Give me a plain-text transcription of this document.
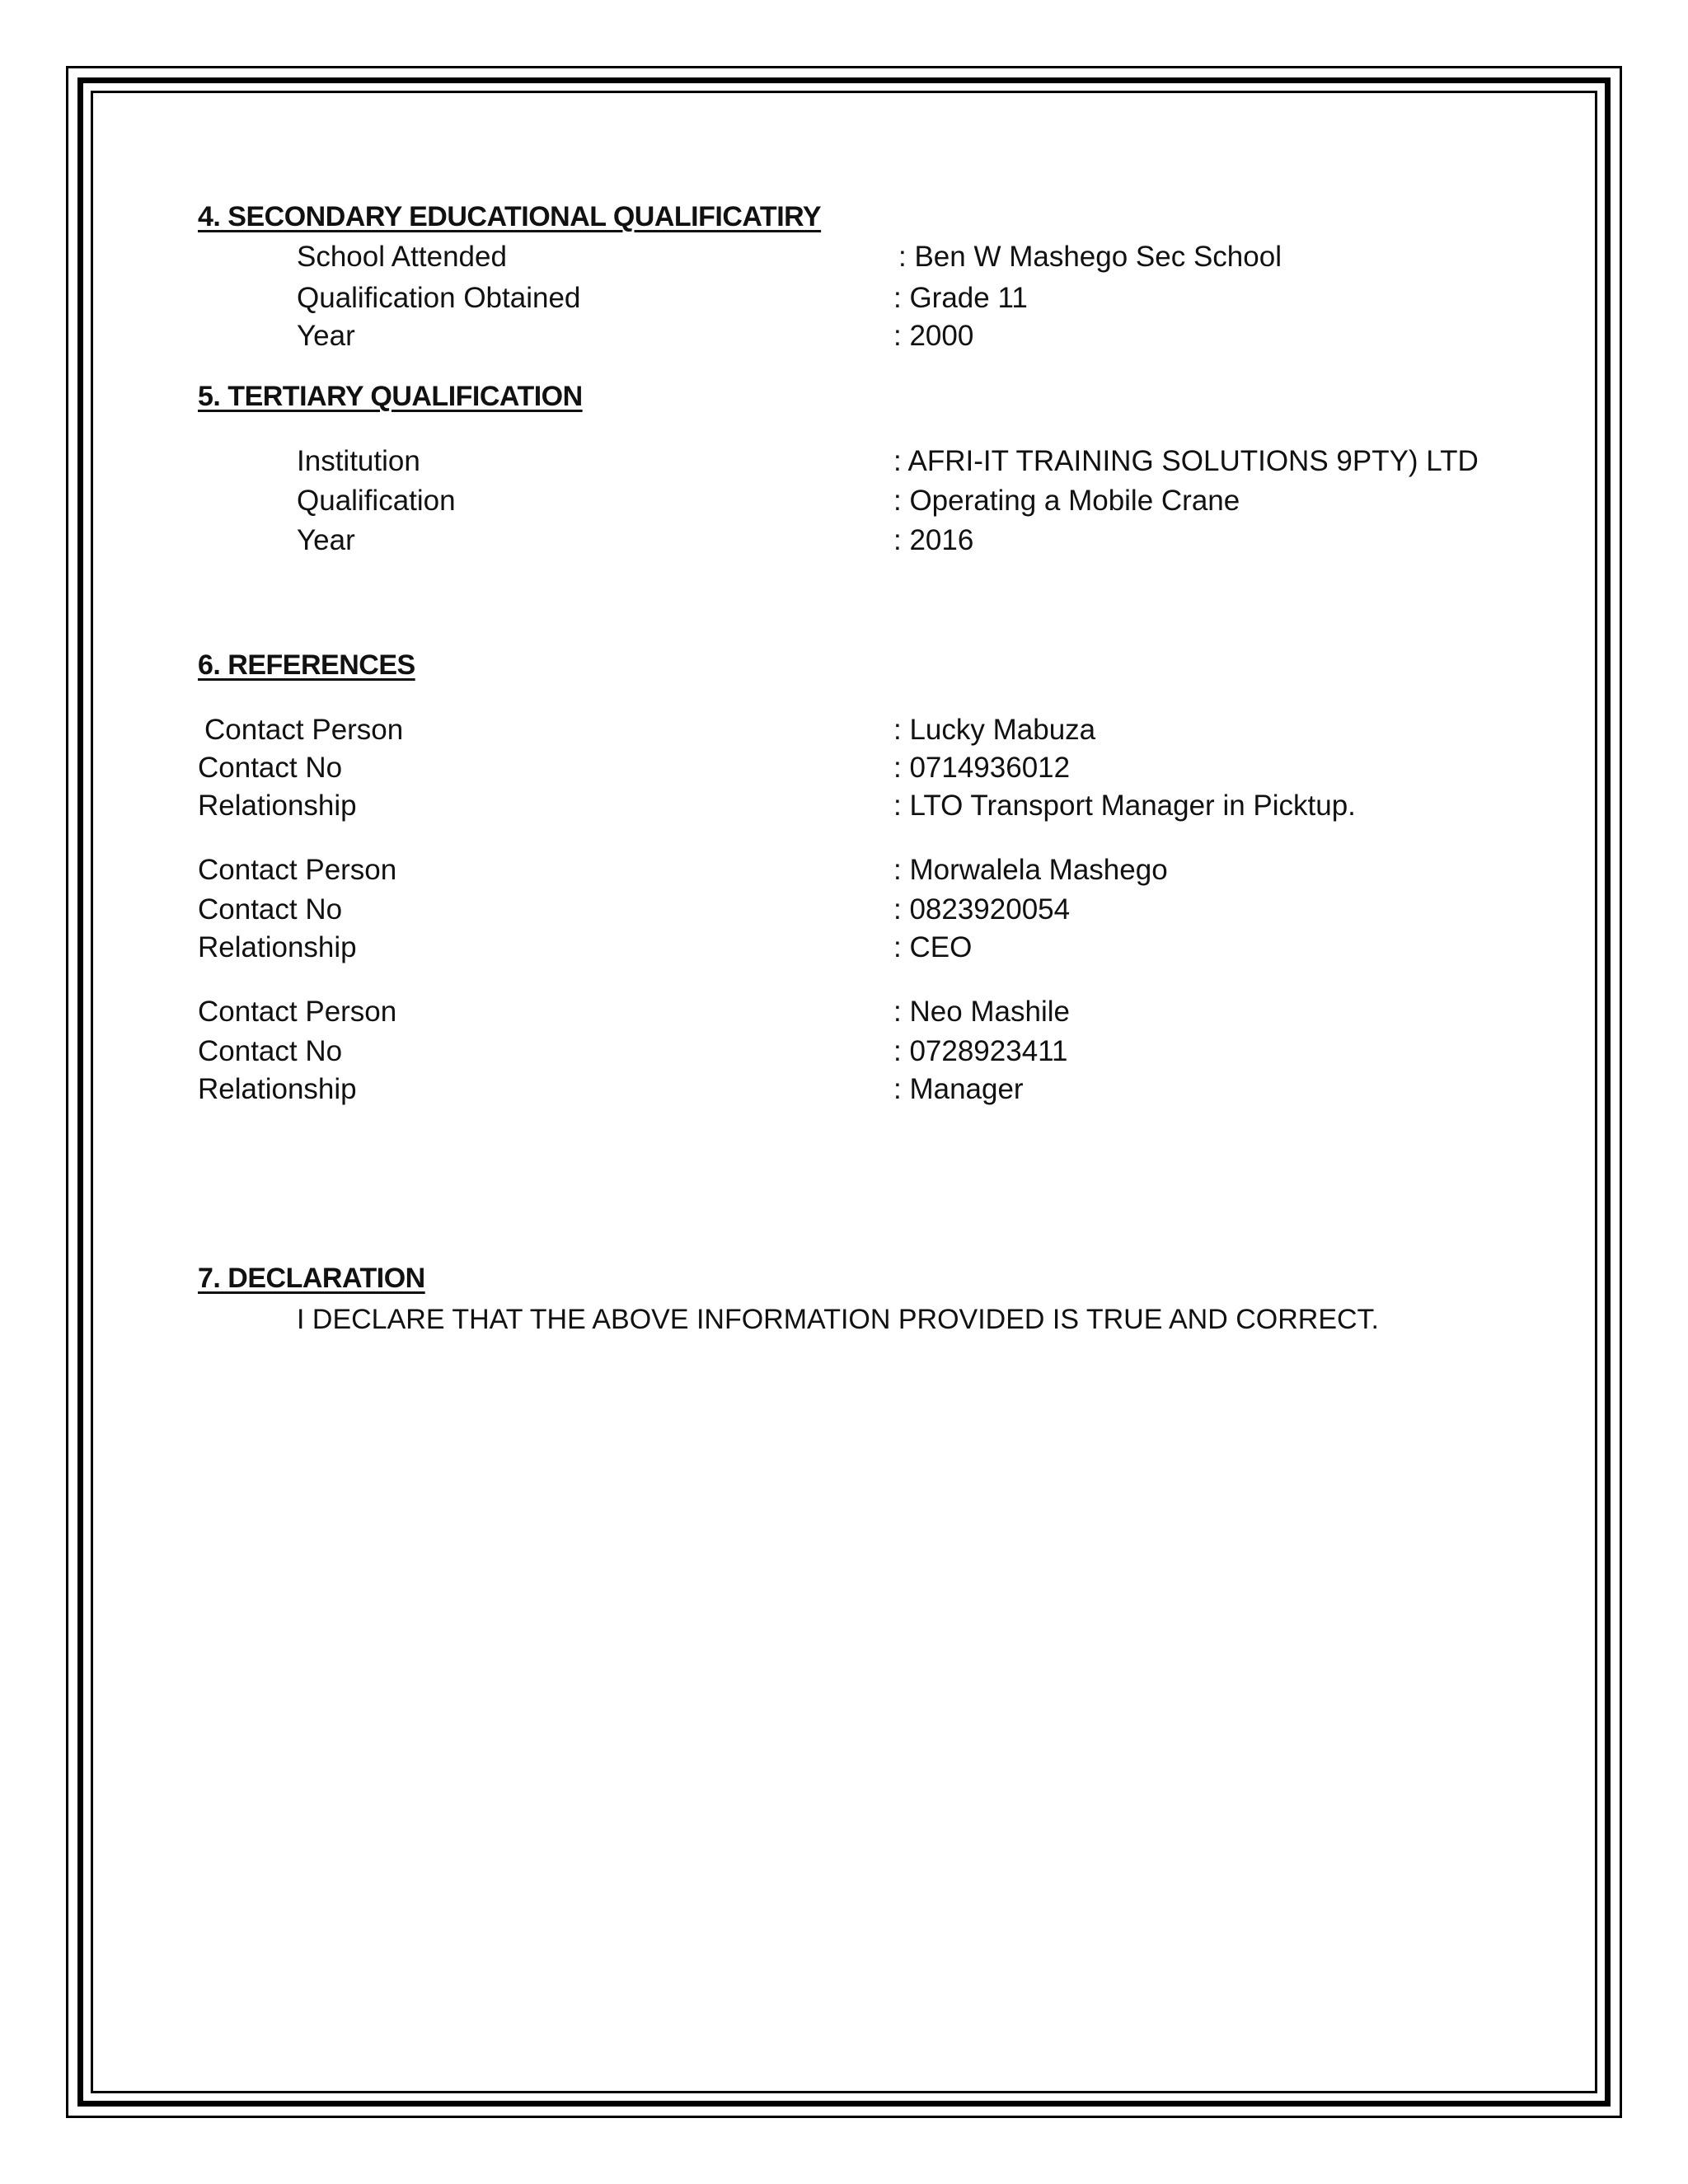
4. SECONDARY EDUCATIONAL QUALIFICATIRY
School Attended	: Ben W Mashego Sec School
Qualification Obtained	: Grade 11
Year	: 2000
5. TERTIARY QUALIFICATION
Institution	: AFRI-IT TRAINING SOLUTIONS 9PTY) LTD
Qualification	: Operating a Mobile Crane
Year	: 2016
6. REFERENCES
Contact Person	: Lucky Mabuza
Contact No	: 0714936012
Relationship	: LTO Transport Manager in Picktup.
Contact Person	: Morwalela Mashego
Contact No	: 0823920054
Relationship	: CEO
Contact Person	: Neo Mashile
Contact No	: 0728923411
Relationship	: Manager
7. DECLARATION
I DECLARE THAT THE ABOVE INFORMATION PROVIDED IS TRUE AND CORRECT.
